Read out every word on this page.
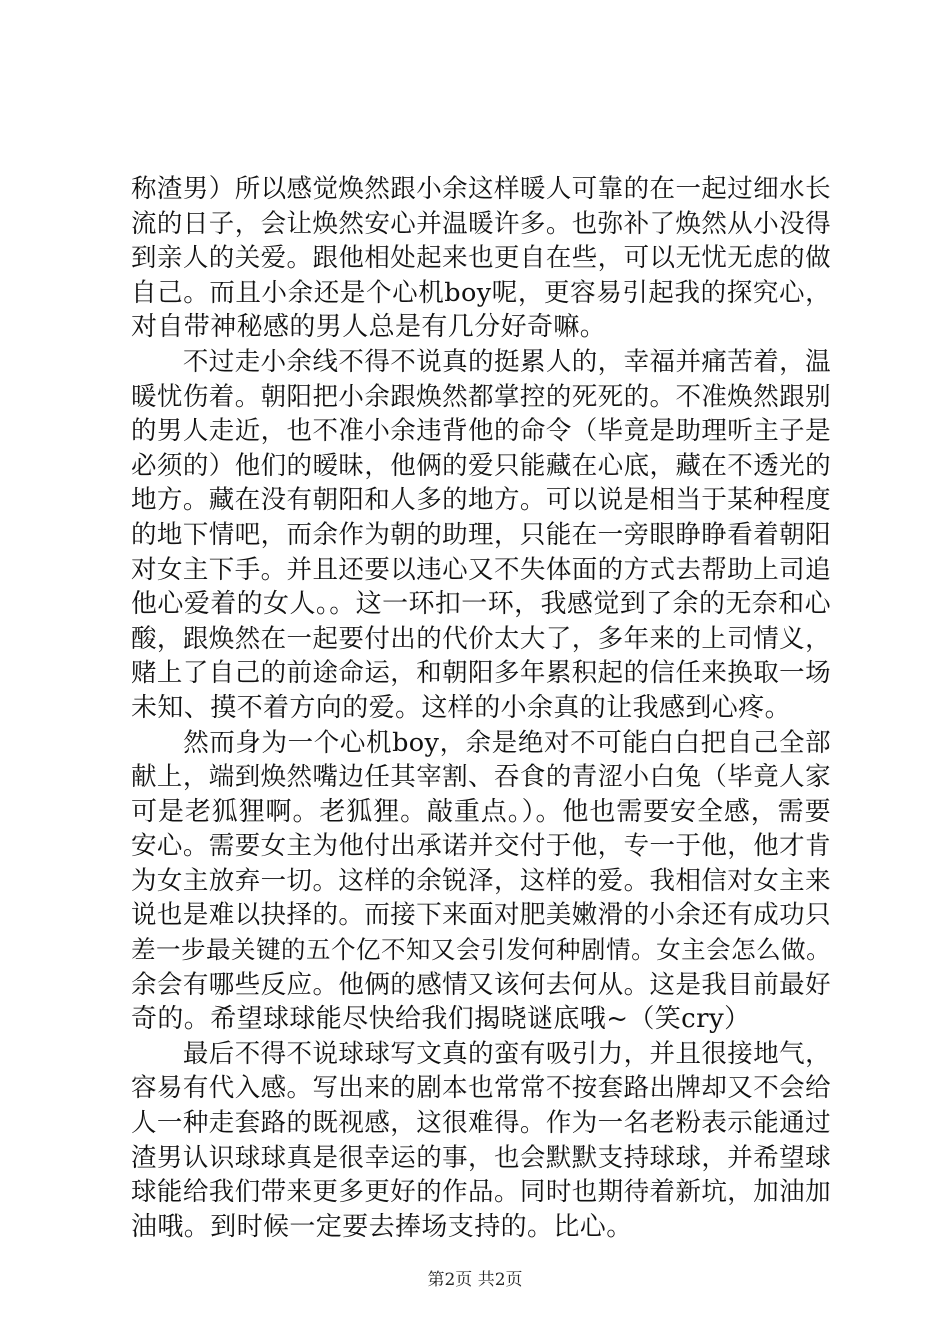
称渣男）所以感觉焕然跟小余这样暖人可靠的在一起过细水长
流的日子，会让焕然安心并温暖许多。也弥补了焕然从小没得
到亲人的关爱。跟他相处起来也更自在些，可以无忧无虑的做
自己。而且小余还是个心机boy呢，更容易引起我的探究心，
对自带神秘感的男人总是有几分好奇嘛。
　　不过走小余线不得不说真的挺累人的，幸福并痛苦着，温
暖忧伤着。朝阳把小余跟焕然都掌控的死死的。不准焕然跟别
的男人走近，也不准小余违背他的命令（毕竟是助理听主子是
必须的）他们的暧昧，他俩的爱只能藏在心底，藏在不透光的
地方。藏在没有朝阳和人多的地方。可以说是相当于某种程度
的地下情吧，而余作为朝的助理，只能在一旁眼睁睁看着朝阳
对女主下手。并且还要以违心又不失体面的方式去帮助上司追
他心爱着的女人。。这一环扣一环，我感觉到了余的无奈和心
酸，跟焕然在一起要付出的代价太大了，多年来的上司情义，
赌上了自己的前途命运，和朝阳多年累积起的信任来换取一场
未知、摸不着方向的爱。这样的小余真的让我感到心疼。
　　然而身为一个心机boy，余是绝对不可能白白把自己全部
献上，端到焕然嘴边任其宰割、吞食的青涩小白兔（毕竟人家
可是老狐狸啊。老狐狸。敲重点。）。他也需要安全感，需要
安心。需要女主为他付出承诺并交付于他，专一于他，他才肯
为女主放弃一切。这样的余锐泽，这样的爱。我相信对女主来
说也是难以抉择的。而接下来面对肥美嫩滑的小余还有成功只
差一步最关键的五个亿不知又会引发何种剧情。女主会怎么做。
余会有哪些反应。他俩的感情又该何去何从。这是我目前最好
奇的。希望球球能尽快给我们揭晓谜底哦~（笑cry）
　　最后不得不说球球写文真的蛮有吸引力，并且很接地气，
容易有代入感。写出来的剧本也常常不按套路出牌却又不会给
人一种走套路的既视感，这很难得。作为一名老粉表示能通过
渣男认识球球真是很幸运的事，也会默默支持球球，并希望球
球能给我们带来更多更好的作品。同时也期待着新坑，加油加
油哦。到时候一定要去捧场支持的。比心。
第2页 共2页
